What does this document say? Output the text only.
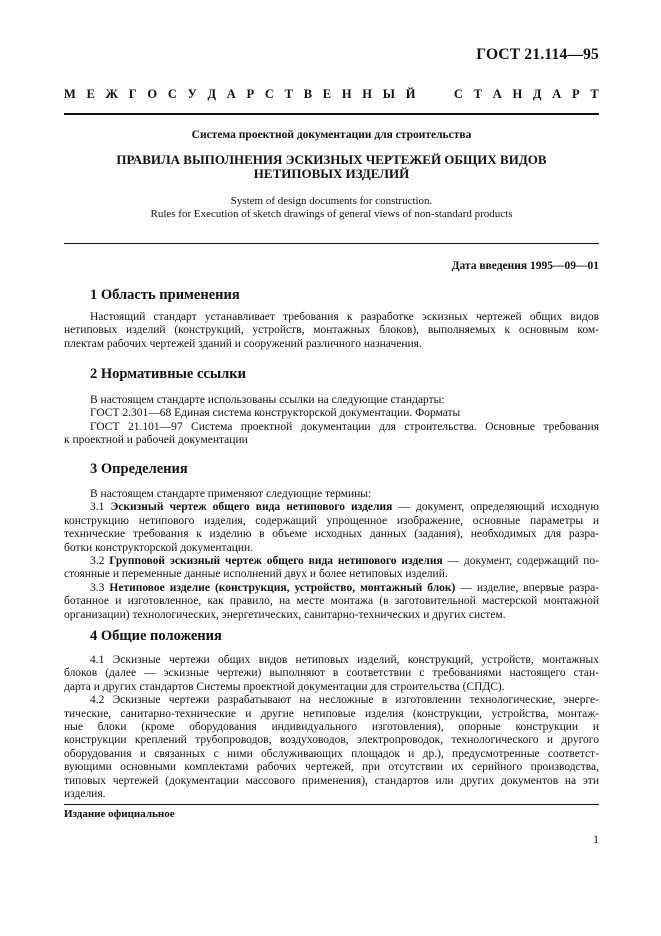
ГОСТ 21.114—95
М Е Ж Г О С У Д А Р С Т В Е Н Н Ы Й

	С Т А Н Д А Р Т
Система проектной документации для строительства
ПРАВИЛА ВЫПОЛНЕНИЯ ЭСКИЗНЫХ ЧЕРТЕЖЕЙ ОБЩИХ ВИДОВ
НЕТИПОВЫХ ИЗДЕЛИЙ
System of design documents for construction.
Rules for Execution of sketch drawings of general views of non-standard products
Дата введения 1995—09—01
1 Область применения
Настоящий стандарт устанавливает требования к разработке эскизных чертежей общих видов
нетиповых изделий (конструкций, устройств, монтажных блоков), выполняемых к основным ком-
плектам рабочих чертежей зданий и сооружений различного назначения.
2 Нормативные ссылки
В настоящем стандарте использованы ссылки на следующие стандарты:
ГОСТ 2.301—68 Единая система конструкторской документации. Форматы
ГОСТ 21.101—97 Система проектной документации для строительства. Основные требования
к проектной и рабочей документации
3 Определения
В настоящем стандарте применяют следующие термины:
3.1 Эскизный чертеж общего вида нетипового изделия — документ, определяющий исходную
конструкцию нетипового изделия, содержащий упрощенное изображение, основные параметры и
технические требования к изделию в объеме исходных данных (задания), необходимых для разра-
ботки конструкторской документации.
3.2 Групповой эскизный чертеж общего вида нетипового изделия — документ, содержащий по-
стоянные и переменные данные исполнений двух и более нетиповых изделий.
3.3 Нетиповое изделие (конструкция, устройство, монтажный блок) — изделие, впервые разра-
ботанное и изготовленное, как правило, на месте монтажа (в заготовительной мастерской монтажной
организации) технологических, энергетических, санитарно-технических и других систем.
4 Общие положения
4.1 Эскизные чертежи общих видов нетиповых изделий, конструкций, устройств, монтажных
блоков (далее — эскизные чертежи) выполняют в соответствии с требованиями настоящего стан-
дарта и других стандартов Системы проектной документации для строительства (СПДС).
4.2 Эскизные чертежи разрабатывают на несложные в изготовлении технологические, энерге-
тические, санитарно-технические и другие нетиповые изделия (конструкции, устройства, монтаж-
ные блоки (кроме оборудования индивидуального изготовления), опорные конструкции и
конструкции креплений трубопроводов, воздуховодов, электропроводок, технологического и другого
оборудования и связанных с ними обслуживающих площадок и др.), предусмотренные соответст-
вующими основными комплектами рабочих чертежей, при отсутствии их серийного производства,
типовых чертежей (документации массового применения), стандартов или других документов на эти
изделия.
Издание официальное
1
